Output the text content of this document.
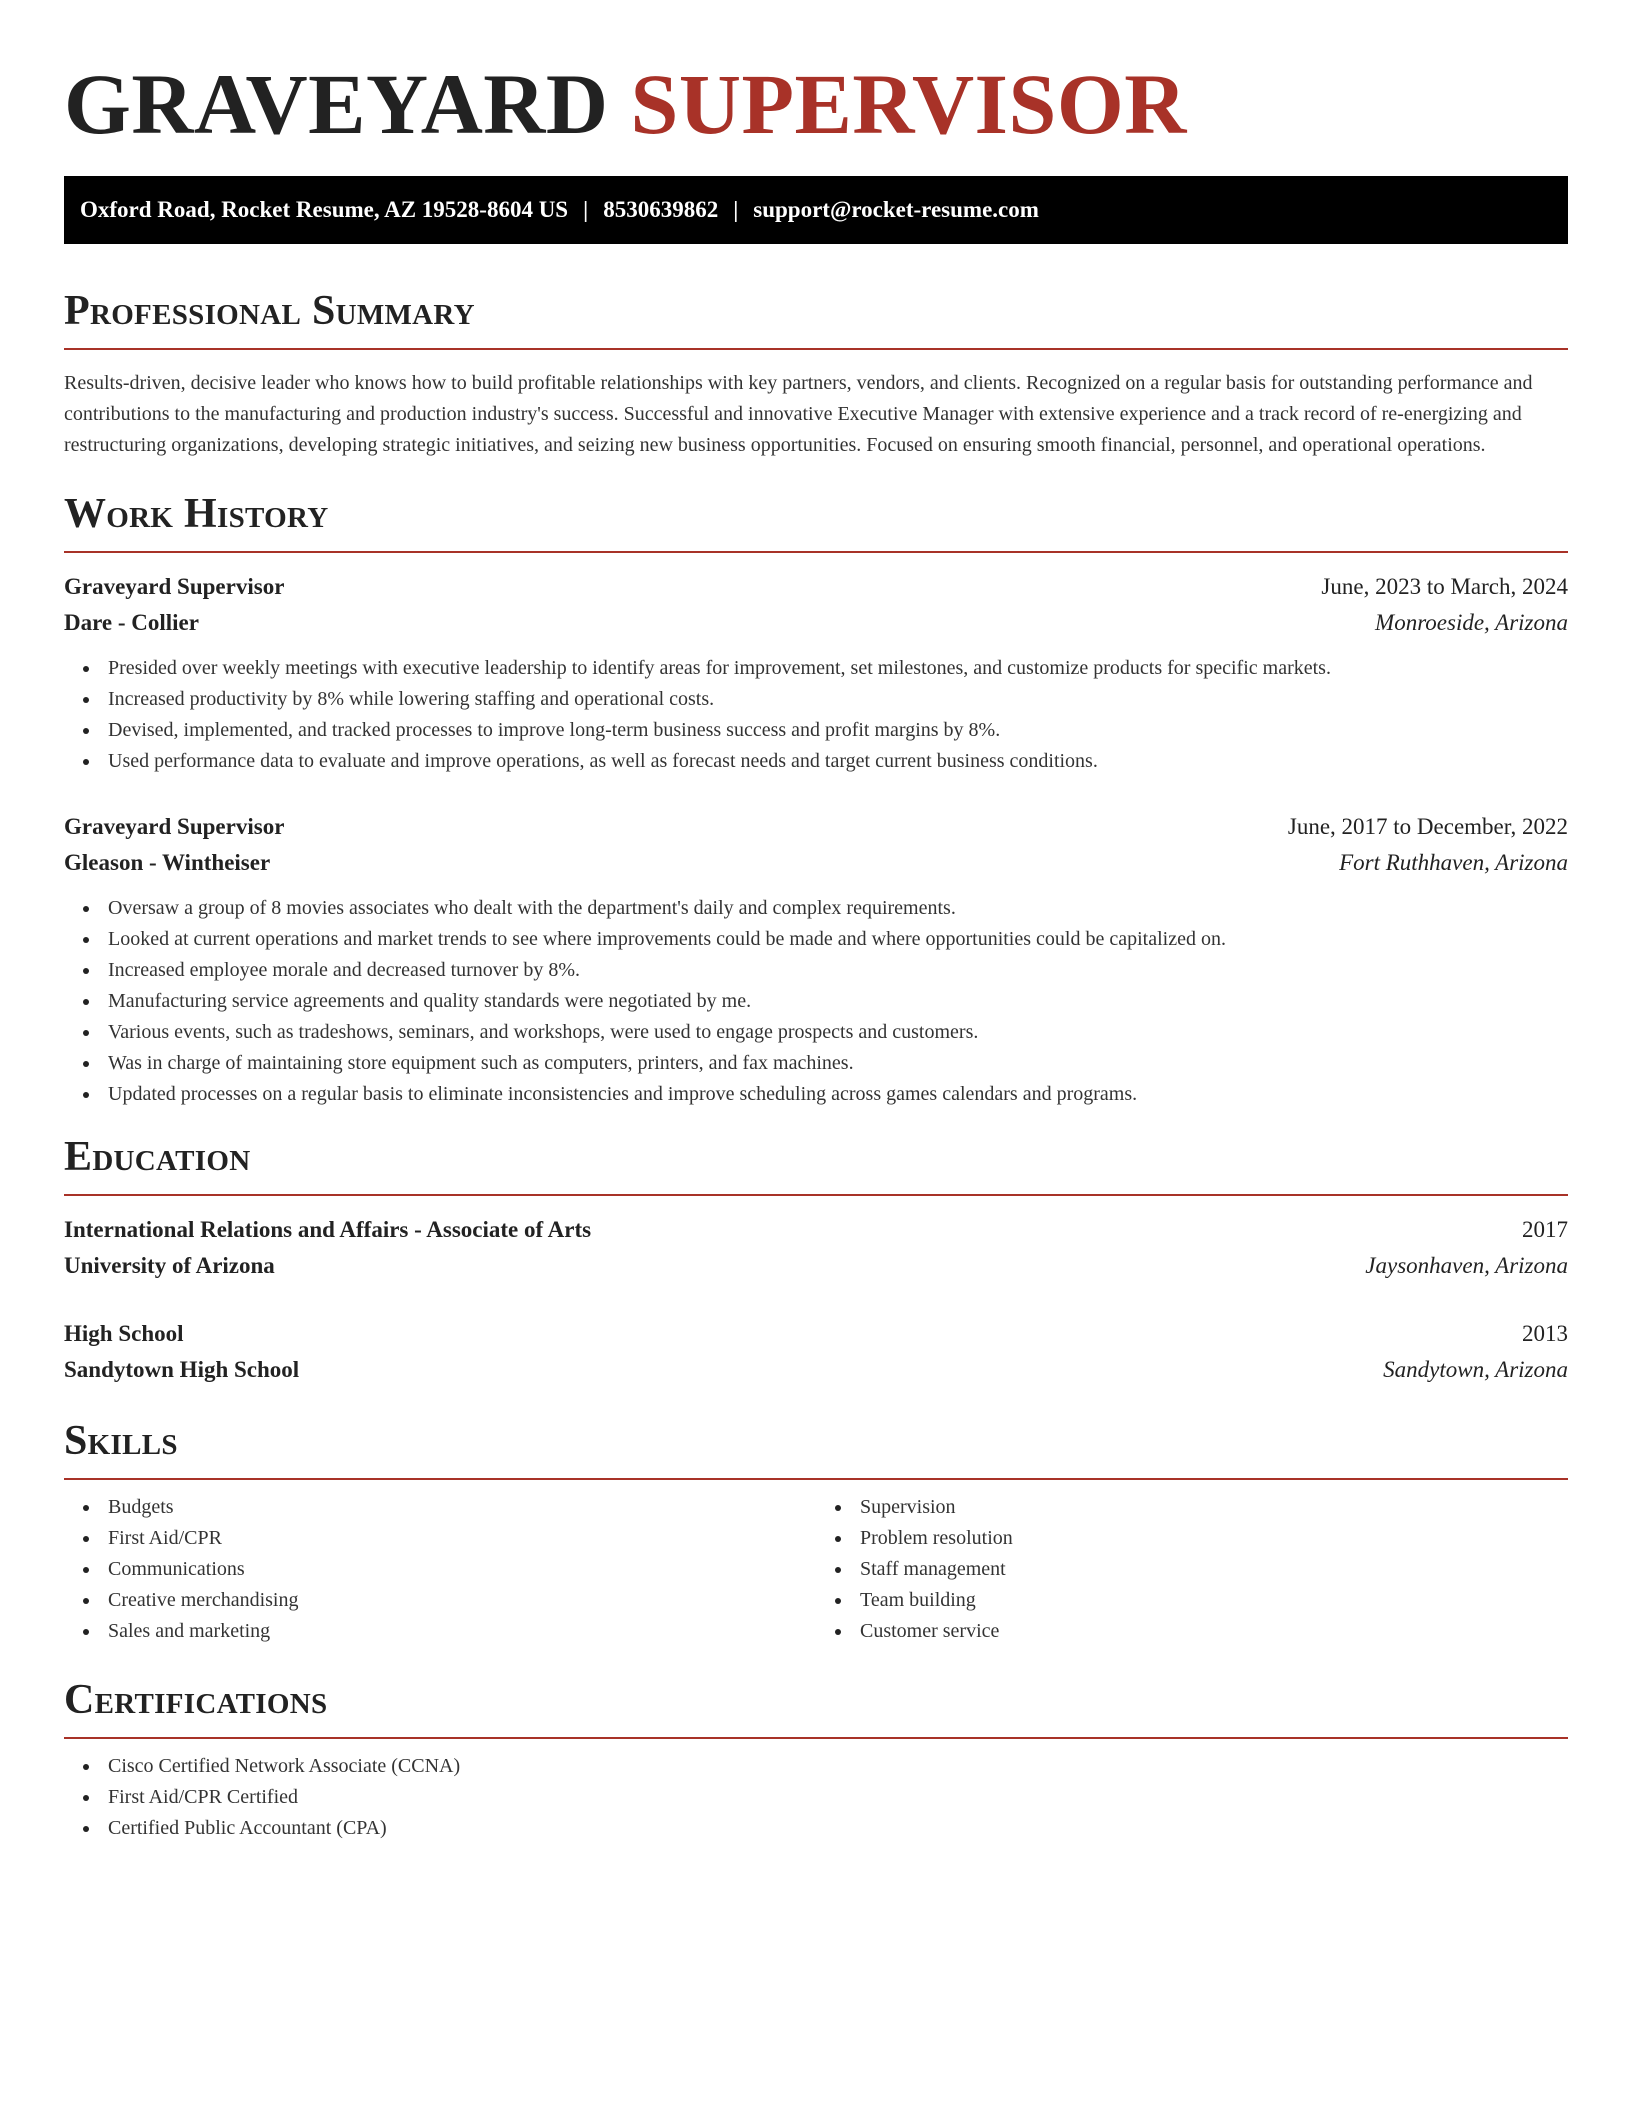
GRAVEYARD SUPERVISOR
Oxford Road, Rocket Resume, AZ 19528-8604 US | 8530639862 | support@rocket-resume.com
Professional Summary

Results-driven, decisive leader who knows how to build profitable relationships with key partners, vendors, and clients. Recognized on a regular basis for outstanding performance and contributions to the manufacturing and production industry's success. Successful and innovative Executive Manager with extensive experience and a track record of re-energizing and restructuring organizations, developing strategic initiatives, and seizing new business opportunities. Focused on ensuring smooth financial, personnel, and operational operations.

Work History
Graveyard Supervisor	June, 2023 to March, 2024
Dare - Collier	Monroeside, Arizona
Presided over weekly meetings with executive leadership to identify areas for improvement, set milestones, and customize products for specific markets.
Increased productivity by 8% while lowering staffing and operational costs.
Devised, implemented, and tracked processes to improve long-term business success and profit margins by 8%.
Used performance data to evaluate and improve operations, as well as forecast needs and target current business conditions.
Graveyard Supervisor	June, 2017 to December, 2022
Gleason - Wintheiser	Fort Ruthhaven, Arizona
Oversaw a group of 8 movies associates who dealt with the department's daily and complex requirements.
Looked at current operations and market trends to see where improvements could be made and where opportunities could be capitalized on.
Increased employee morale and decreased turnover by 8%.
Manufacturing service agreements and quality standards were negotiated by me.
Various events, such as tradeshows, seminars, and workshops, were used to engage prospects and customers.
Was in charge of maintaining store equipment such as computers, printers, and fax machines.
Updated processes on a regular basis to eliminate inconsistencies and improve scheduling across games calendars and programs.
Education
International Relations and Affairs - Associate of Arts	2017
University of Arizona	Jaysonhaven, Arizona
High School	2013
Sandytown High School	Sandytown, Arizona
Skills
Budgets
First Aid/CPR
Communications
Creative merchandising
Sales and marketing
Supervision
Problem resolution
Staff management
Team building
Customer service
Certifications
Cisco Certified Network Associate (CCNA)
First Aid/CPR Certified
Certified Public Accountant (CPA)
